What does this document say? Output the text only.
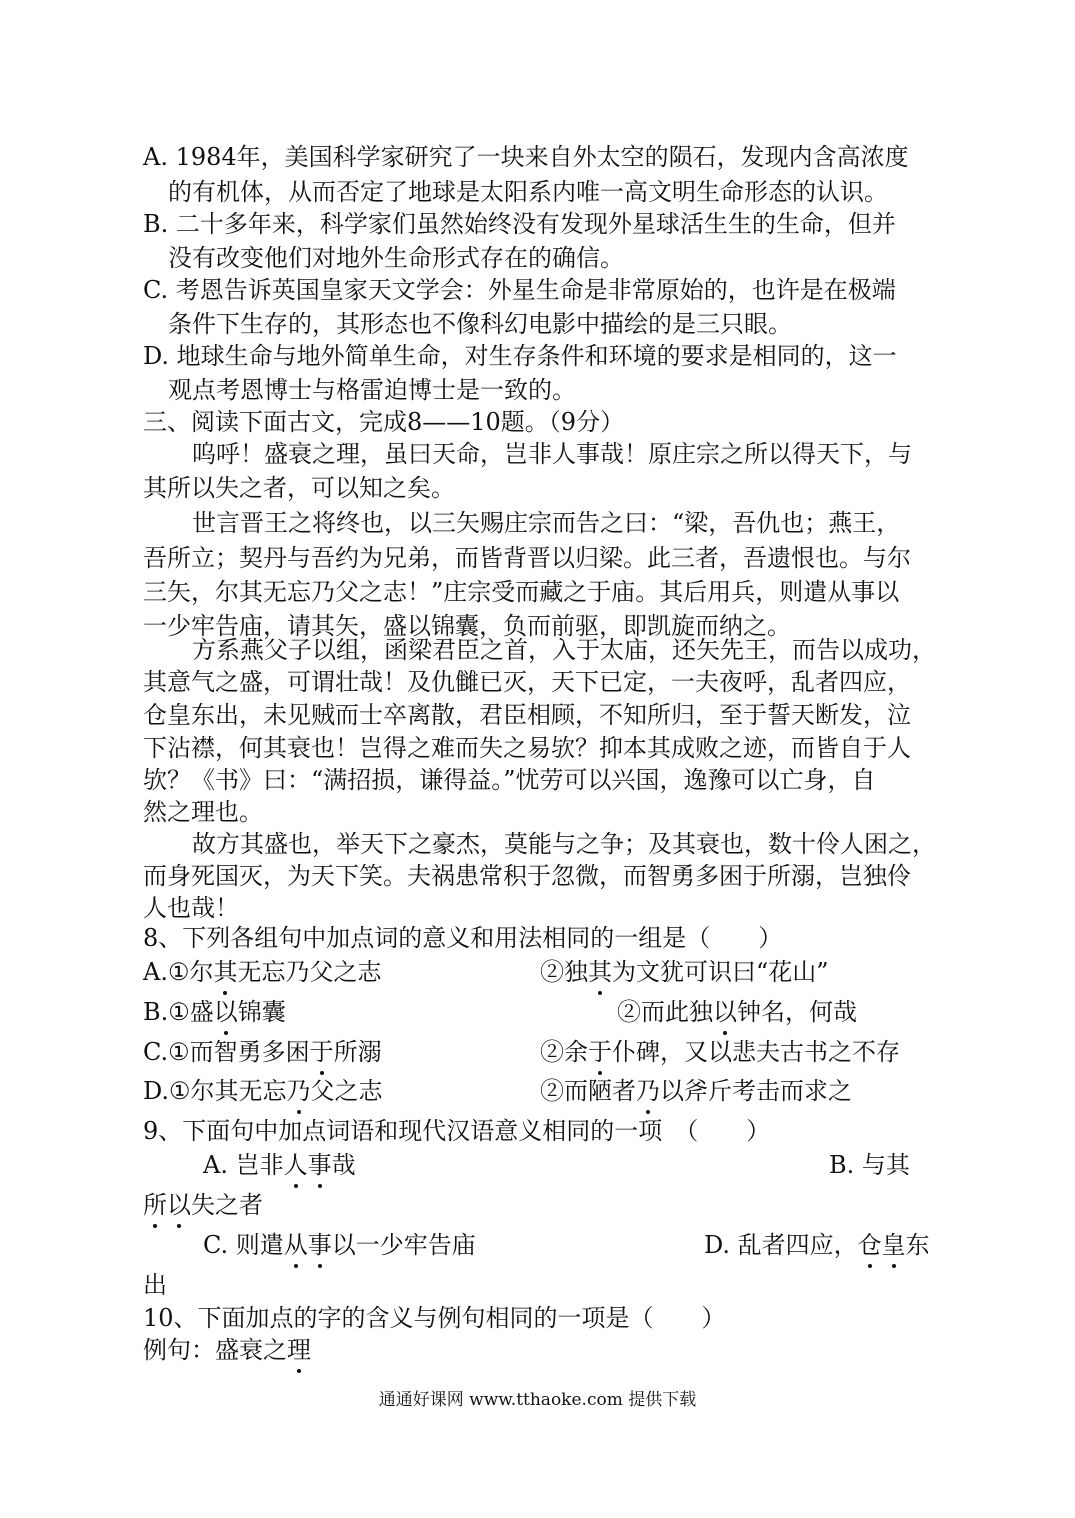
A. 1984年，美国科学家研究了一块来自外太空的陨石，发现内含高浓度
的有机体，从而否定了地球是太阳系内唯一高文明生命形态的认识。
B. 二十多年来，科学家们虽然始终没有发现外星球活生生的生命，但并
没有改变他们对地外生命形式存在的确信。
C. 考恩告诉英国皇家天文学会：外星生命是非常原始的，也许是在极端
条件下生存的，其形态也不像科幻电影中描绘的是三只眼。
D. 地球生命与地外简单生命，对生存条件和环境的要求是相同的，这一
观点考恩博士与格雷迫博士是一致的。
三、阅读下面古文，完成8——10题。（9分）
呜呼！盛衰之理，虽曰天命，岂非人事哉！原庄宗之所以得天下，与
其所以失之者，可以知之矣。
世言晋王之将终也，以三矢赐庄宗而告之曰：“梁，吾仇也；燕王，
吾所立；契丹与吾约为兄弟，而皆背晋以归梁。此三者，吾遗恨也。与尔
三矢，尔其无忘乃父之志！”庄宗受而藏之于庙。其后用兵，则遣从事以
一少牢告庙，请其矢，盛以锦囊，负而前驱，即凯旋而纳之。
方系燕父子以组，函梁君臣之首，入于太庙，还矢先王，而告以成功，
其意气之盛，可谓壮哉！及仇雠已灭，天下已定，一夫夜呼，乱者四应，
仓皇东出，未见贼而士卒离散，君臣相顾，不知所归，至于誓天断发，泣
下沾襟，何其衰也！岂得之难而失之易欤？抑本其成败之迹，而皆自于人
欤？《书》曰：“满招损，谦得益。”忧劳可以兴国，逸豫可以亡身，自
然之理也。
故方其盛也，举天下之豪杰，莫能与之争；及其衰也，数十伶人困之，
而身死国灭，为天下笑。夫祸患常积于忽微，而智勇多困于所溺，岂独伶
人也哉！
8、下列各组句中加点词的意义和用法相同的一组是（　　）
A.①尔其无忘乃父之志	②独其为文犹可识曰“花山”
B.①盛以锦囊	②而此独以钟名，何哉
C.①而智勇多困于所溺	②余于仆碑，又以悲夫古书之不存
D.①尔其无忘乃父之志	②而陋者乃以斧斤考击而求之
9、下面句中加点词语和现代汉语意义相同的一项　（　　）
A. 岂非人事哉	B. 与其
所以失之者
C. 则遣从事以一少牢告庙	D. 乱者四应，仓皇东
出
10、下面加点的字的含义与例句相同的一项是（　　）
例句：盛衰之理
通通好课网 www.tthaoke.com 提供下载
